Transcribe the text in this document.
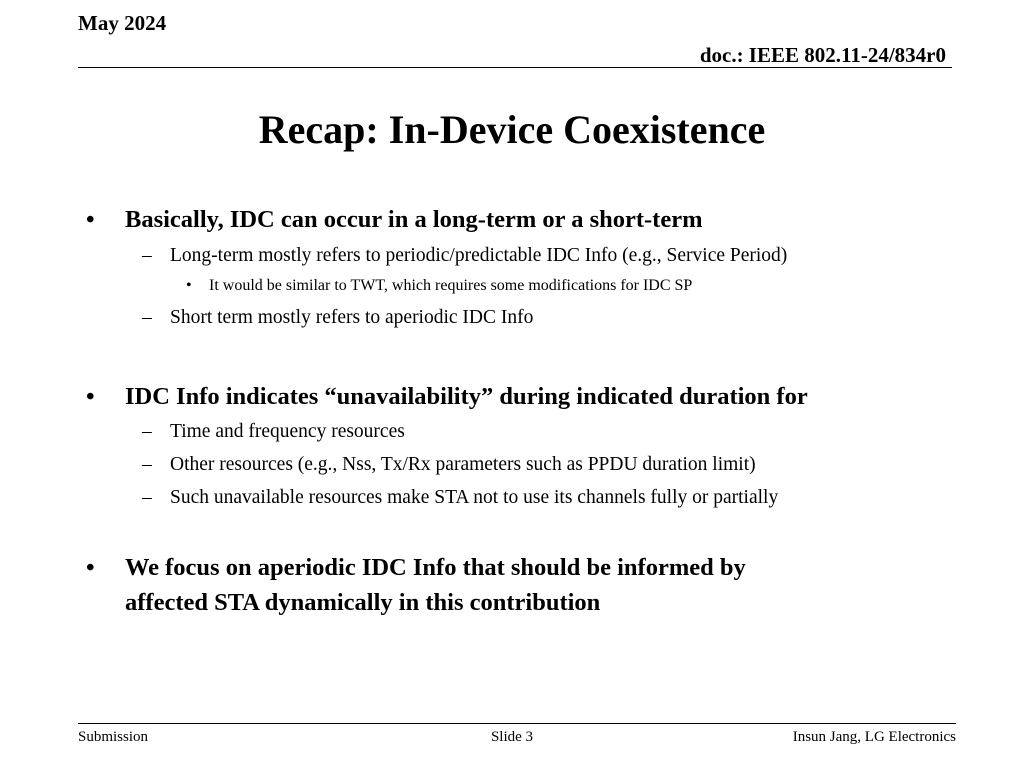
May 2024
doc.: IEEE 802.11-24/834r0
Recap: In-Device Coexistence
• Basically, IDC can occur in a long-term or a short-term
– Long-term mostly refers to periodic/predictable IDC Info (e.g., Service Period)
• It would be similar to TWT, which requires some modifications for IDC SP
– Short term mostly refers to aperiodic IDC Info
• IDC Info indicates “unavailability” during indicated duration for
– Time and frequency resources
– Other resources (e.g., Nss, Tx/Rx parameters such as PPDU duration limit)
– Such unavailable resources make STA not to use its channels fully or partially
• We focus on aperiodic IDC Info that should be informed by
affected STA dynamically in this contribution
Submission	Slide 3	Insun Jang, LG Electronics
